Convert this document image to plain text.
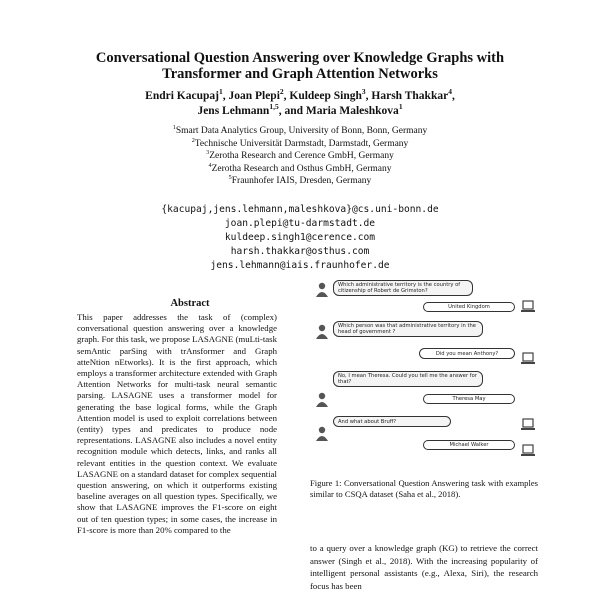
Conversational Question Answering over Knowledge Graphs with
Transformer and Graph Attention Networks
Endri Kacupaj$^1$, Joan Plepi$^2$, Kuldeep Singh$^3$, Harsh Thakkar$^4$,
Jens Lehmann$^{1,5}$, and Maria Maleshkova$^1$
$^1$Smart Data Analytics Group, University of Bonn, Bonn, Germany
$^2$Technische Universität Darmstadt, Darmstadt, Germany
$^3$Zerotha Research and Cerence GmbH, Germany
$^4$Zerotha Research and Osthus GmbH, Germany
$^5$Fraunhofer IAIS, Dresden, Germany
{kacupaj,jens.lehmann,maleshkova}@cs.uni-bonn.de
joan.plepi@tu-darmstadt.de
kuldeep.singh1@cerence.com
harsh.thakkar@osthus.com
jens.lehmann@iais.fraunhofer.de
Abstract
This paper addresses the task of (complex) conversational question answering over a knowledge graph. For this task, we propose LASAGNE (muLti-task semAntic parSing with trAnsformer and Graph atteNtion nEtworks). It is the first approach, which employs a transformer architecture extended with Graph Attention Networks for multi-task neural semantic parsing. LASAGNE uses a transformer model for generating the base logical forms, while the Graph Attention model is used to exploit correlations between (entity) types and predicates to produce node representations. LASAGNE also includes a novel entity recognition module which detects, links, and ranks all relevant entities in the question context. We evaluate LASAGNE on a standard dataset for complex sequential question answering, on which it outperforms existing baseline averages on all question types. Specifically, we show that LASAGNE improves the F1-score on eight out of ten question types; in some cases, the increase in F1-score is more than 20% compared to the
Which administrative territory is the country of citizenship of Robert de Grimston?
United Kingdom
Which person was that administrative territory in the head of government ?
Did you mean Anthony?
No, I mean Theresa. Could you tell me the answer for that?
Theresa May
And what about Bruff?
Michael Walker
Figure 1: Conversational Question Answering task with examples similar to CSQA dataset (Saha et al., 2018).
to a query over a knowledge graph (KG) to retrieve the correct answer (Singh et al., 2018). With the increasing popularity of intelligent personal assistants (e.g., Alexa, Siri), the research focus has been
